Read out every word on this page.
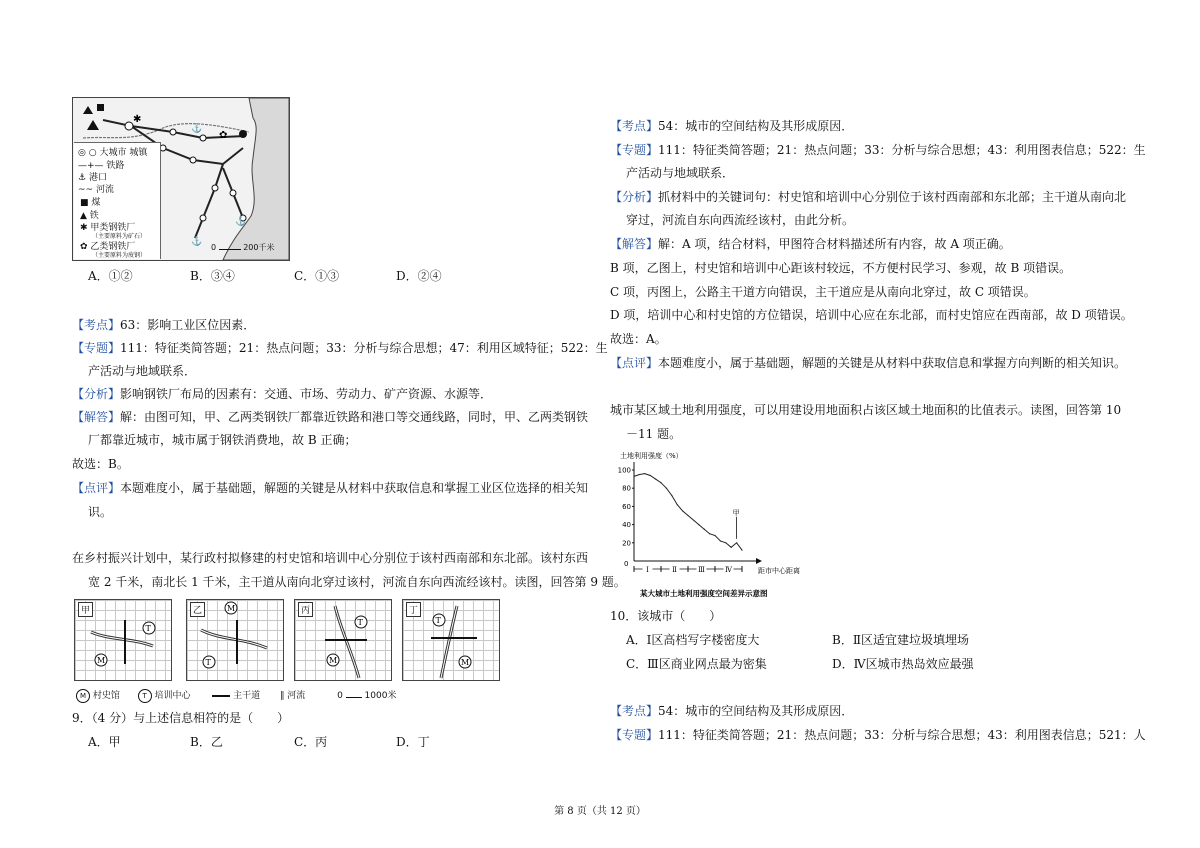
⚓
⚓
⚓
✱
✿
◎ ○ 大城市 城镇
—+— 铁路
⚓ 港口
~~ 河流
■ 煤
▲ 铁
✱ 甲类钢铁厂
（主要原料为矿石）
✿ 乙类钢铁厂
（主要原料为废钢）
0	200千米
A．①②	B．③④	C．①③	D．②④
【考点】63：影响工业区位因素．
【专题】111：特征类简答题；21：热点问题；33：分析与综合思想；47：利用区域特征；522：生
产活动与地域联系．
【分析】影响钢铁厂布局的因素有：交通、市场、劳动力、矿产资源、水源等．
【解答】解：由图可知，甲、乙两类钢铁厂都靠近铁路和港口等交通线路，同时，甲、乙两类钢铁
厂都靠近城市，城市属于钢铁消费地，故 B 正确；
故选：B。
【点评】本题难度小，属于基础题，解题的关键是从材料中获取信息和掌握工业区位选择的相关知
识。
在乡村振兴计划中，某行政村拟修建的村史馆和培训中心分别位于该村西南部和东北部。该村东西
宽 2 千米，南北长 1 千米，主干道从南向北穿过该村，河流自东向西流经该村。读图，回答第 9 题。
甲
T
M
乙	M
T
丙
T
M
丁
T
M
M 村史馆	T 培训中心	主干道 ∥ 河流	0 1000米
9．（4 分）与上述信息相符的是（　　）
A．甲	B．乙	C．丙	D．丁
【考点】54：城市的空间结构及其形成原因．
【专题】111：特征类简答题；21：热点问题；33：分析与综合思想；43：利用图表信息；522：生
产活动与地域联系．
【分析】抓材料中的关键词句：村史馆和培训中心分别位于该村西南部和东北部；主干道从南向北
穿过，河流自东向西流经该村，由此分析。
【解答】解：A 项，结合材料，甲图符合材料描述所有内容，故 A 项正确。
B 项，乙图上，村史馆和培训中心距该村较远，不方便村民学习、参观，故 B 项错误。
C 项，丙图上，公路主干道方向错误，主干道应是从南向北穿过，故 C 项错误。
D 项，培训中心和村史馆的方位错误，培训中心应在东北部，而村史馆应在西南部，故 D 项错误。
故选：A。
【点评】本题难度小，属于基础题，解题的关键是从材料中获取信息和掌握方向判断的相关知识。
城市某区域土地利用强度，可以用建设用地面积占该区域土地面积的比值表示。读图，回答第 10
－11 题。
土地利用强度（%）
距市中心距离
某大城市土地利用强度空间差异示意图
0
20
40
60
80
100
Ⅰ	Ⅱ	Ⅲ	Ⅳ
甲
10．该城市（　　）
A．Ⅰ区高档写字楼密度大	B．Ⅱ区适宜建垃圾填埋场
C．Ⅲ区商业网点最为密集	D．Ⅳ区城市热岛效应最强
【考点】54：城市的空间结构及其形成原因．
【专题】111：特征类简答题；21：热点问题；33：分析与综合思想；43：利用图表信息；521：人
第 8 页（共 12 页）
